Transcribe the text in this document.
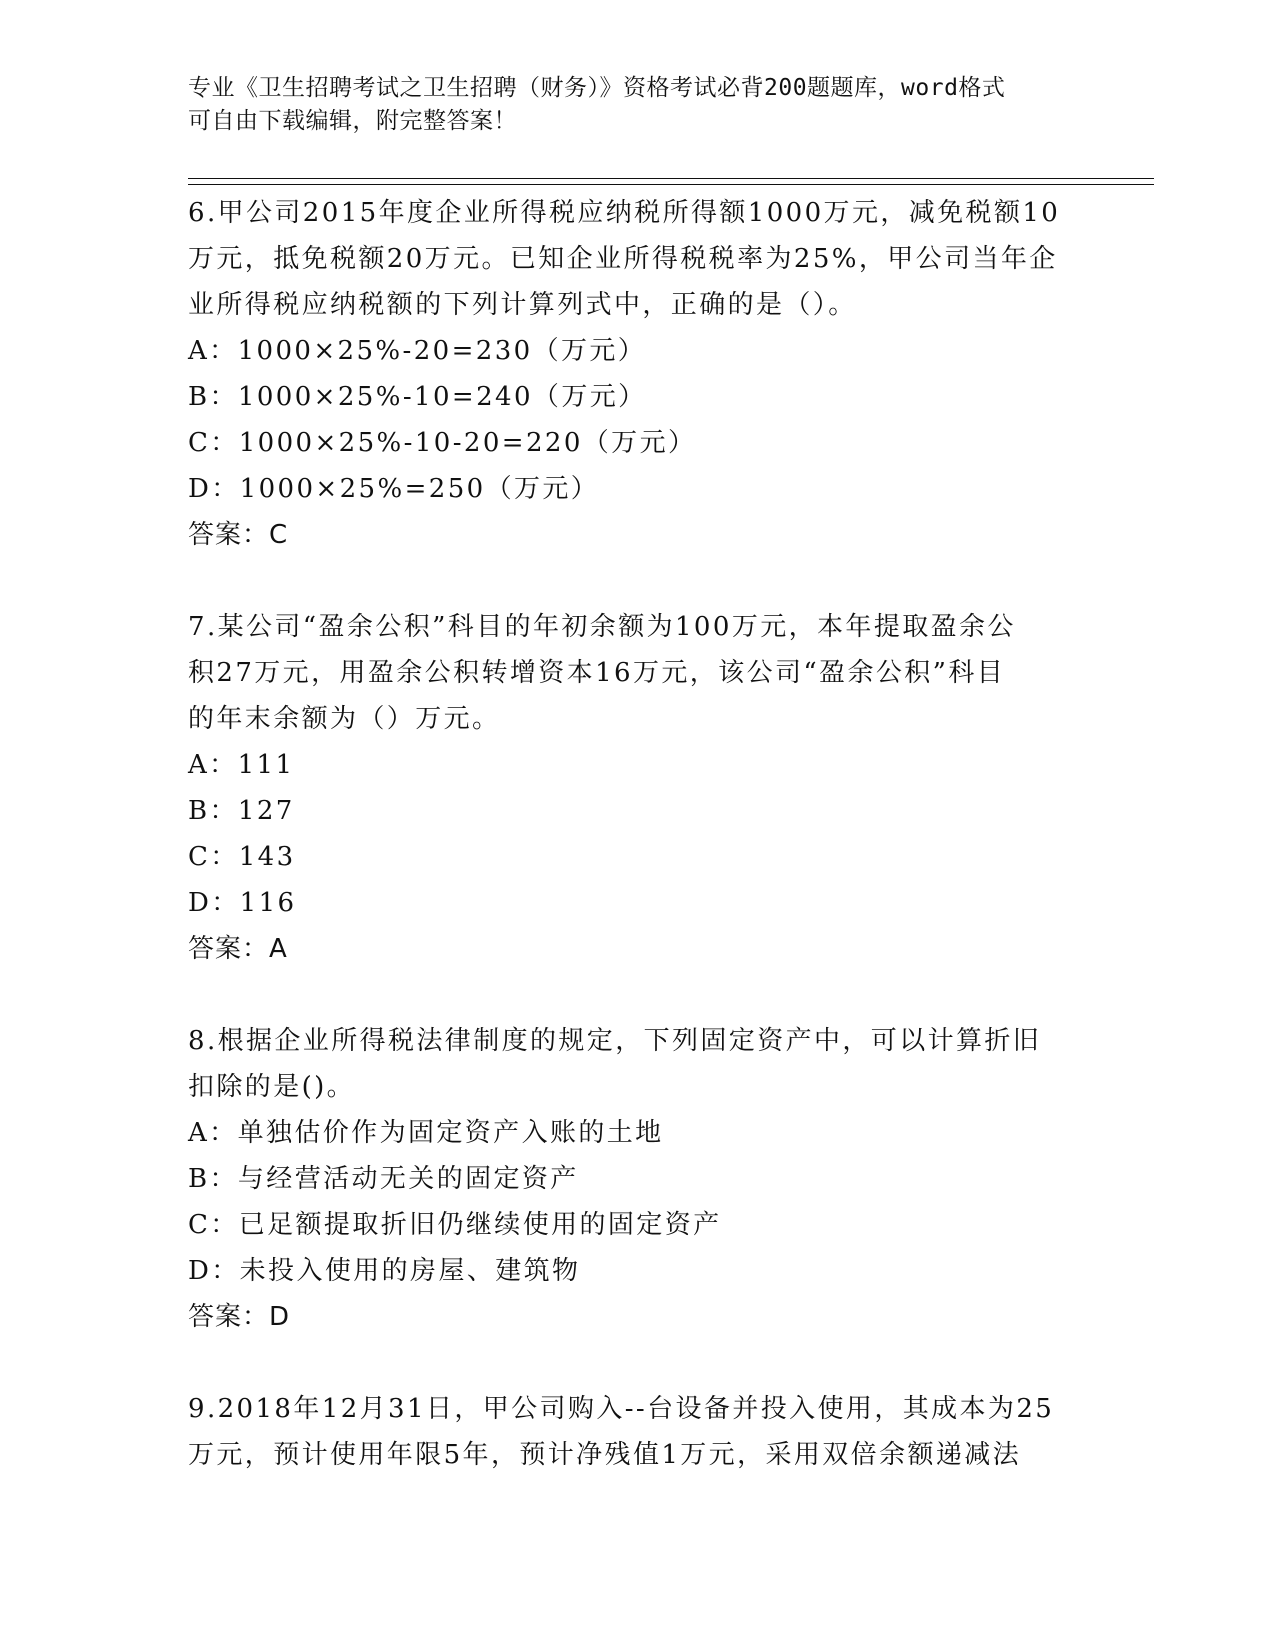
专业《卫生招聘考试之卫生招聘（财务）》资格考试必背200题题库，word格式
可自由下载编辑，附完整答案！
6.甲公司2015年度企业所得税应纳税所得额1000万元，减免税额10
万元，抵免税额20万元。已知企业所得税税率为25%，甲公司当年企
业所得税应纳税额的下列计算列式中，正确的是（）。
A：1000×25%-20=230（万元）
B：1000×25%-10=240（万元）
C：1000×25%-10-20=220（万元）
D：1000×25%=250（万元）
答案：C
7.某公司“盈余公积”科目的年初余额为100万元，本年提取盈余公
积27万元，用盈余公积转增资本16万元，该公司“盈余公积”科目
的年末余额为（）万元。
A：111
B：127
C：143
D：116
答案：A
8.根据企业所得税法律制度的规定，下列固定资产中，可以计算折旧
扣除的是()。
A：单独估价作为固定资产入账的土地
B：与经营活动无关的固定资产
C：已足额提取折旧仍继续使用的固定资产
D：未投入使用的房屋、建筑物
答案：D
9.2018年12月31日，甲公司购入--台设备并投入使用，其成本为25
万元，预计使用年限5年，预计净残值1万元，采用双倍余额递减法
